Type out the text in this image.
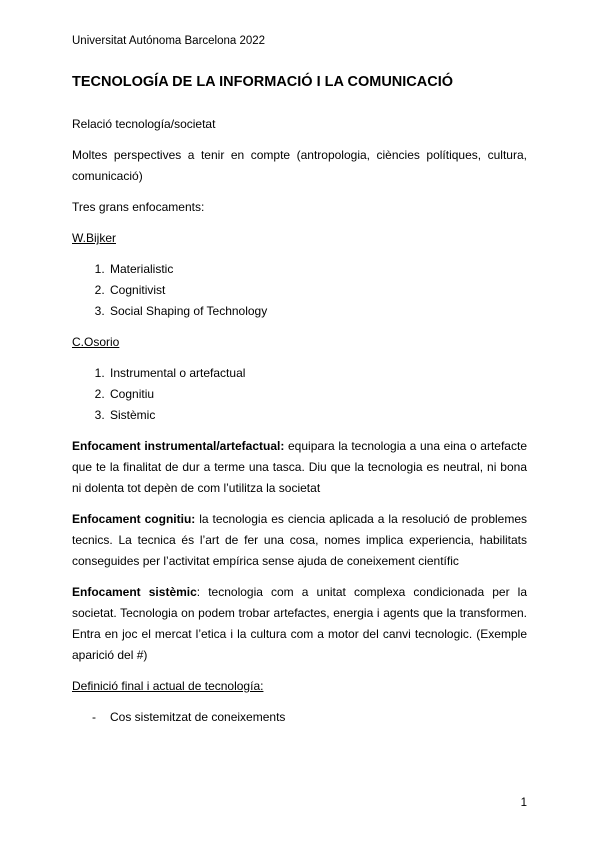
Universitat Autónoma Barcelona 2022
TECNOLOGÍA DE LA INFORMACIÓ I LA COMUNICACIÓ

Relació tecnología/societat

Moltes perspectives a tenir en compte (antropologia, ciències polítiques, cultura, comunicació)

Tres grans enfocaments:

W.Bijker

1. Materialistic
2. Cognitivist
3. Social Shaping of Technology

C.Osorio

1. Instrumental o artefactual
2. Cognitiu
3. Sistèmic

Enfocament instrumental/artefactual: equipara la tecnologia a una eina o artefacte que te la finalitat de dur a terme una tasca. Diu que la tecnologia es neutral, ni bona ni dolenta tot depèn de com l’utilitza la societat

Enfocament cognitiu: la tecnologia es ciencia aplicada a la resolució de problemes tecnics. La tecnica és l’art de fer una cosa, nomes implica experiencia, habilitats conseguides per l’activitat empírica sense ajuda de coneixement científic

Enfocament sistèmic: tecnologia com a unitat complexa condicionada per la societat. Tecnologia on podem trobar artefactes, energia i agents que la transformen. Entra en joc el mercat l’etica i la cultura com a motor del canvi tecnologic. (Exemple aparició del #)

Definició final i actual de tecnología:

- Cos sistemitzat de coneixements
1
